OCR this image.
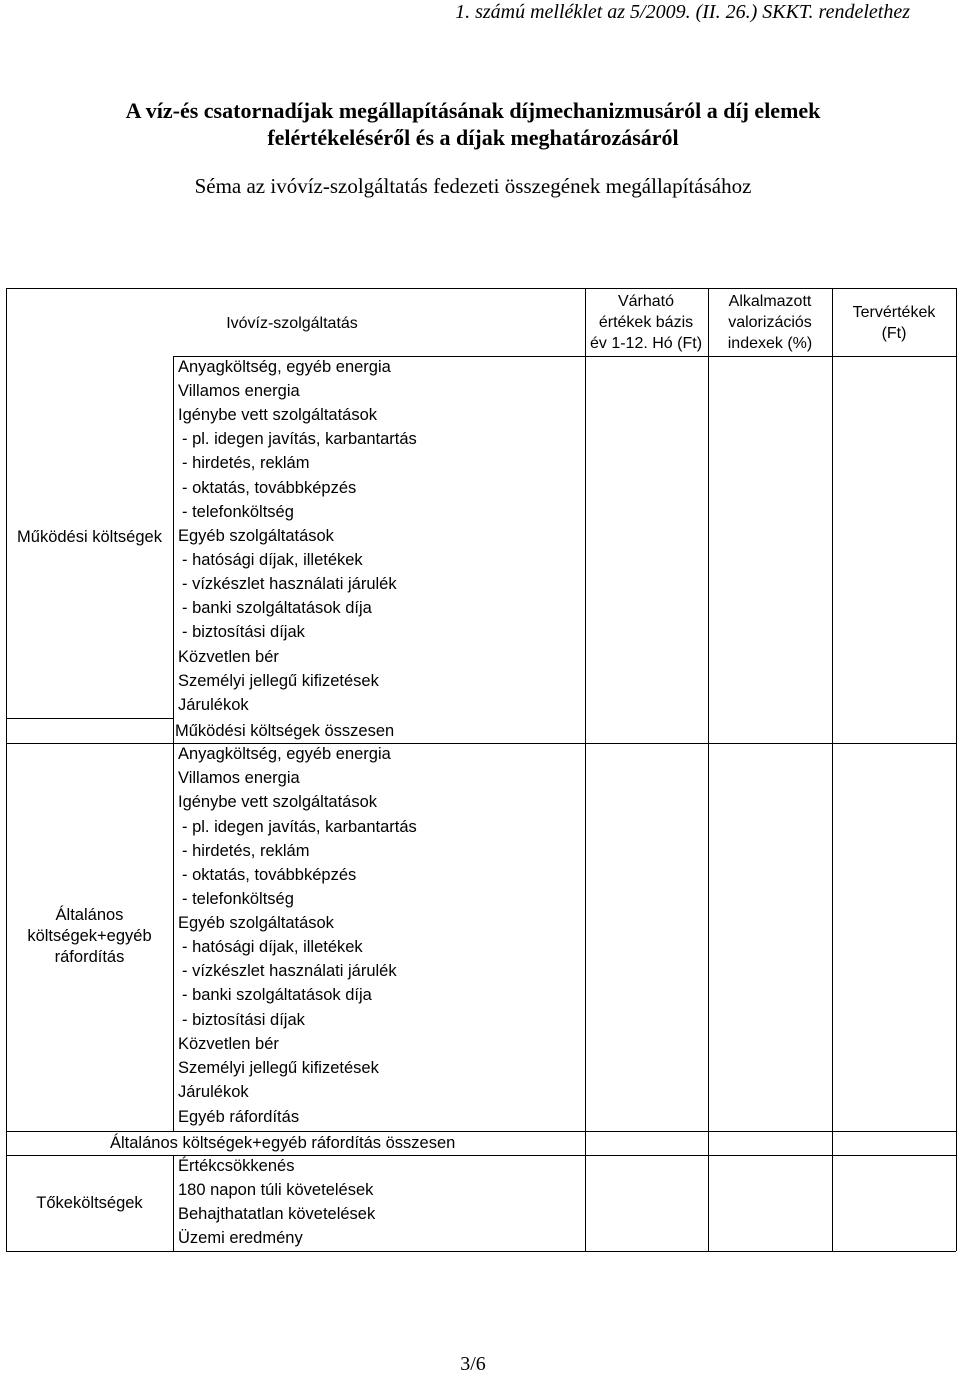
1. számú melléklet az 5/2009. (II. 26.) SKKT. rendelethez
A víz-és csatornadíjak megállapításának díjmechanizmusáról a díj elemek
felértékeléséről és a díjak meghatározásáról
Séma az ivóvíz-szolgáltatás fedezeti összegének megállapításához
Ivóvíz-szolgáltatás
Várható
értékek bázis
év 1-12. Hó (Ft)
Alkalmazott
valorizációs
indexek (%)
Tervértékek
(Ft)
Működési költségek
Általános
költségek+egyéb
ráfordítás
Tőkeköltségek
Anyagköltség, egyéb energia
Villamos energia
Igénybe vett szolgáltatások
- pl. idegen javítás, karbantartás
- hirdetés, reklám
- oktatás, továbbképzés
- telefonköltség
Egyéb szolgáltatások
- hatósági díjak, illetékek
- vízkészlet használati járulék
- banki szolgáltatások díja
- biztosítási díjak
Közvetlen bér
Személyi jellegű kifizetések
Járulékok
Működési költségek összesen
Anyagköltség, egyéb energia
Villamos energia
Igénybe vett szolgáltatások
- pl. idegen javítás, karbantartás
- hirdetés, reklám
- oktatás, továbbképzés
- telefonköltség
Egyéb szolgáltatások
- hatósági díjak, illetékek
- vízkészlet használati járulék
- banki szolgáltatások díja
- biztosítási díjak
Közvetlen bér
Személyi jellegű kifizetések
Járulékok
Egyéb ráfordítás
Általános költségek+egyéb ráfordítás összesen
Értékcsökkenés
180 napon túli követelések
Behajthatatlan követelések
Üzemi eredmény
3/6
